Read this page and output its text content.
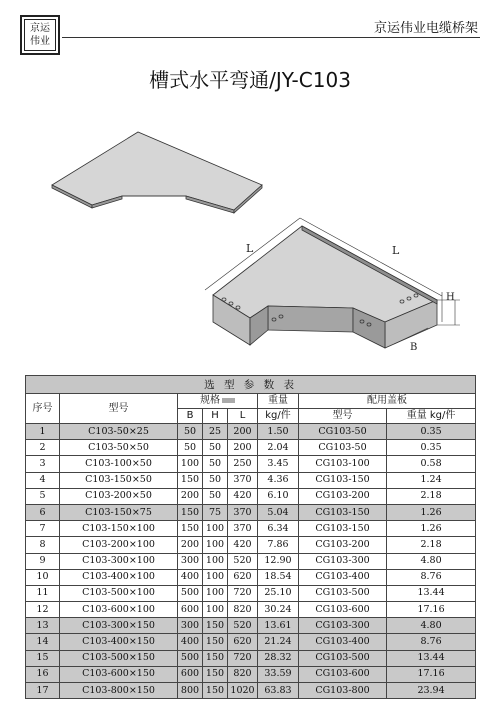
京运
伟业
京运伟业电缆桥架
槽式水平弯通/JY-C103
L	L
H
B
选 型 参 数 表							
序号	型号	规格			重量	配用盖板	
		B	H	L	kg/件	型号	重量 kg/件
1	C103-50×25	50	25	200	1.50	CG103-50	0.35
2	C103-50×50	50	50	200	2.04	CG103-50	0.35
3	C103-100×50	100	50	250	3.45	CG103-100	0.58
4	C103-150×50	150	50	370	4.36	CG103-150	1.24
5	C103-200×50	200	50	420	6.10	CG103-200	2.18
6	C103-150×75	150	75	370	5.04	CG103-150	1.26
7	C103-150×100	150	100	370	6.34	CG103-150	1.26
8	C103-200×100	200	100	420	7.86	CG103-200	2.18
9	C103-300×100	300	100	520	12.90	CG103-300	4.80
10	C103-400×100	400	100	620	18.54	CG103-400	8.76
11	C103-500×100	500	100	720	25.10	CG103-500	13.44
12	C103-600×100	600	100	820	30.24	CG103-600	17.16
13	C103-300×150	300	150	520	13.61	CG103-300	4.80
14	C103-400×150	400	150	620	21.24	CG103-400	8.76
15	C103-500×150	500	150	720	28.32	CG103-500	13.44
16	C103-600×150	600	150	820	33.59	CG103-600	17.16
17	C103-800×150	800	150	1020	63.83	CG103-800	23.94
